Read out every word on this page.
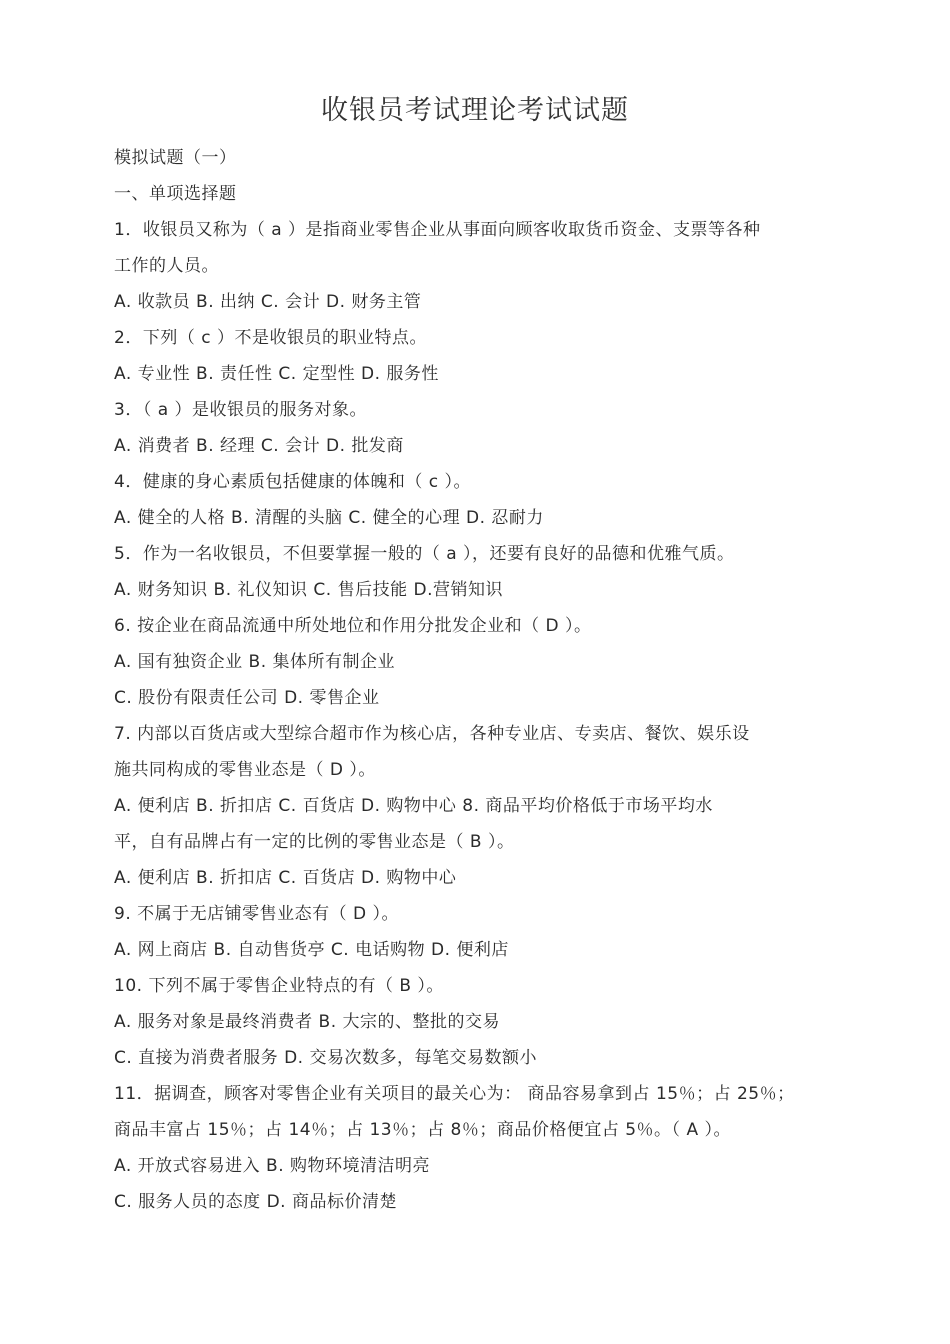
收银员考试理论考试试题
模拟试题（一）
一、单项选择题
1．收银员又称为（ a ）是指商业零售企业从事面向顾客收取货币资金、支票等各种
工作的人员。
A. 收款员 B. 出纳 C. 会计 D. 财务主管
2．下列（ c ）不是收银员的职业特点。
A. 专业性 B. 责任性 C. 定型性 D. 服务性
3．（ a ）是收银员的服务对象。
A. 消费者 B. 经理 C. 会计 D. 批发商
4．健康的身心素质包括健康的体魄和（ c ）。
A. 健全的人格 B. 清醒的头脑 C. 健全的心理 D. 忍耐力
5．作为一名收银员，不但要掌握一般的（ a ），还要有良好的品德和优雅气质。
A. 财务知识 B. 礼仪知识 C. 售后技能 D.营销知识
6. 按企业在商品流通中所处地位和作用分批发企业和（ D ）。
A. 国有独资企业 B. 集体所有制企业
C. 股份有限责任公司 D. 零售企业
7. 内部以百货店或大型综合超市作为核心店，各种专业店、专卖店、餐饮、娱乐设
施共同构成的零售业态是（ D ）。
A. 便利店 B. 折扣店 C. 百货店 D. 购物中心 8. 商品平均价格低于市场平均水
平，自有品牌占有一定的比例的零售业态是（ B ）。
A. 便利店 B. 折扣店 C. 百货店 D. 购物中心
9. 不属于无店铺零售业态有（ D ）。
A. 网上商店 B. 自动售货亭 C. 电话购物 D. 便利店
10. 下列不属于零售企业特点的有（ B ）。
A. 服务对象是最终消费者 B. 大宗的、整批的交易
C. 直接为消费者服务 D. 交易次数多，每笔交易数额小
11．据调查，顾客对零售企业有关项目的最关心为： 商品容易拿到占 15％；占 25％；
商品丰富占 15％；占 14％；占 13％；占 8％；商品价格便宜占 5％。（ A ）。
A. 开放式容易进入 B. 购物环境清洁明亮
C. 服务人员的态度 D. 商品标价清楚
